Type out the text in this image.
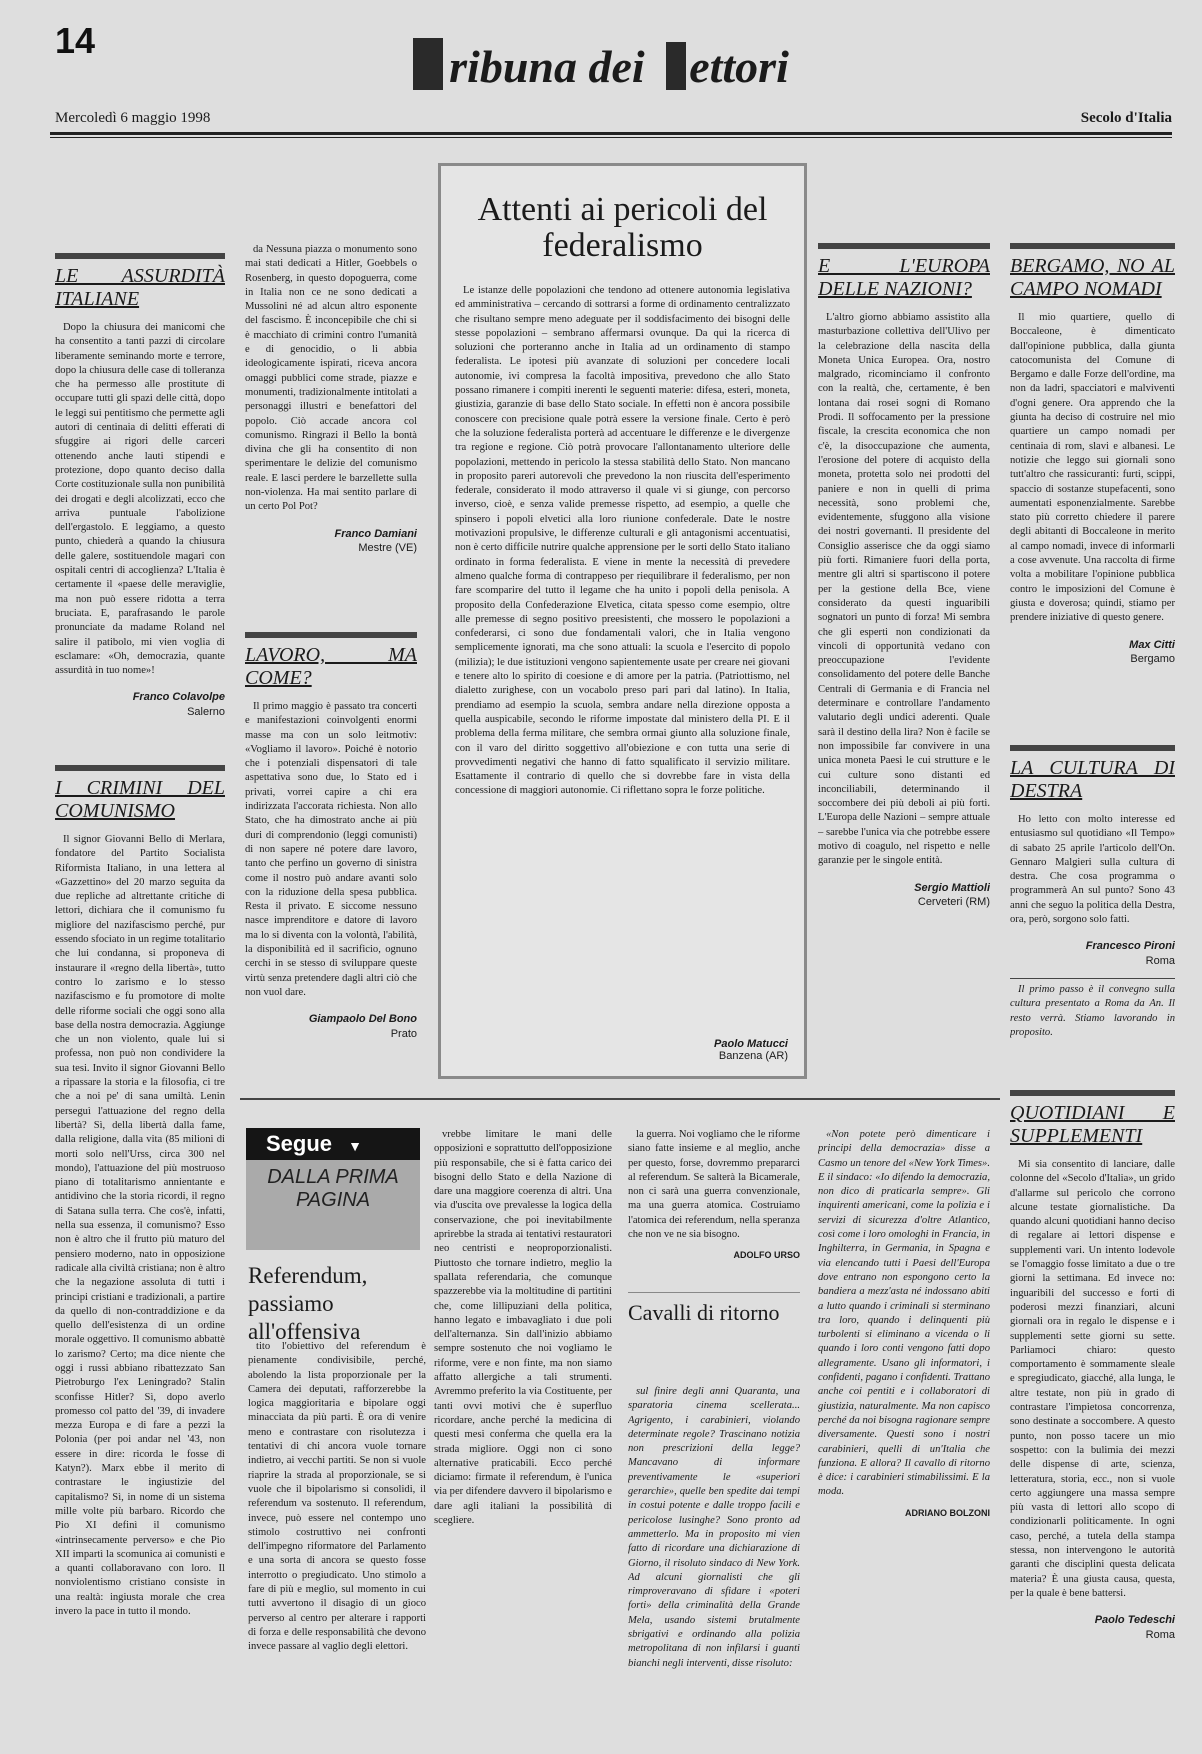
14
ribuna dei ettori
Mercoledì 6 maggio 1998	Secolo d'Italia
LE ASSURDITÀ ITALIANE

Dopo la chiusura dei manicomi che ha consentito a tanti pazzi di circolare liberamente seminando morte e terrore, dopo la chiusura delle case di tolleranza che ha permesso alle prostitute di occupare tutti gli spazi delle città, dopo le leggi sui pentitismo che permette agli autori di centinaia di delitti efferati di sfuggire ai rigori delle carceri ottenendo anche lauti stipendi e protezione, dopo quanto deciso dalla Corte costituzionale sulla non punibilità dei drogati e degli alcolizzati, ecco che arriva puntuale l'abolizione dell'ergastolo. E leggiamo, a questo punto, chiederà a quando la chiusura delle galere, sostituendole magari con ospitali centri di accoglienza? L'Italia è certamente il «paese delle meraviglie, ma non può essere ridotta a terra bruciata. E, parafrasando le parole pronunciate da madame Roland nel salire il patibolo, mi vien voglia di esclamare: «Oh, democrazia, quante assurdità in tuo nome»!

Franco Colavolpe
Salerno
I CRIMINI DEL COMUNISMO

Il signor Giovanni Bello di Merlara, fondatore del Partito Socialista Riformista Italiano, in una lettera al «Gazzettino» del 20 marzo seguita da due repliche ad altrettante critiche di lettori, dichiara che il comunismo fu migliore del nazifascismo perché, pur essendo sfociato in un regime totalitario che lui condanna, si proponeva di instaurare il «regno della libertà», tutto contro lo zarismo e lo stesso nazifascismo e fu promotore di molte delle riforme sociali che oggi sono alla base della nostra democrazia. Aggiunge che un non violento, quale lui si professa, non può non condividere la sua tesi. Invito il signor Giovanni Bello a ripassare la storia e la filosofia, ci tre che a noi pe' di sana umiltà. Lenin perseguì l'attuazione del regno della libertà? Sì, della libertà dalla fame, dalla religione, dalla vita (85 milioni di morti solo nell'Urss, circa 300 nel mondo), l'attuazione del più mostruoso piano di totalitarismo annientante e antidivino che la storia ricordi, il regno di Satana sulla terra. Che cos'è, infatti, nella sua essenza, il comunismo? Esso non è altro che il frutto più maturo del pensiero moderno, nato in opposizione radicale alla civiltà cristiana; non è altro che la negazione assoluta di tutti i principi cristiani e tradizionali, a partire da quello di non-contraddizione e da quello dell'esistenza di un ordine morale oggettivo. Il comunismo abbattè lo zarismo? Certo; ma dice niente che oggi i russi abbiano ribattezzato San Pietroburgo l'ex Leningrado? Stalin sconfisse Hitler? Sì, dopo averlo promesso col patto del '39, di invadere mezza Europa e di fare a pezzi la Polonia (per poi andar nel '43, non essere in dire: ricorda le fosse di Katyn?). Marx ebbe il merito di contrastare le ingiustizie del capitalismo? Sì, in nome di un sistema mille volte più barbaro. Ricordo che Pio XI definì il comunismo «intrinsecamente perverso» e che Pio XII impartì la scomunica ai comunisti e a quanti collaboravano con loro. Il nonviolentismo cristiano consiste in una realtà: ingiusta morale che crea invero la pace in tutto il mondo.

da Nessuna piazza o monumento sono mai stati dedicati a Hitler, Goebbels o Rosenberg, in questo dopoguerra, come in Italia non ce ne sono dedicati a Mussolini né ad alcun altro esponente del fascismo. È inconcepibile che chi si è macchiato di crimini contro l'umanità e di genocidio, o li abbia ideologicamente ispirati, riceva ancora omaggi pubblici come strade, piazze e monumenti, tradizionalmente intitolati a personaggi illustri e benefattori del popolo. Ciò accade ancora col comunismo. Ringrazi il Bello la bontà divina che gli ha consentito di non sperimentare le delizie del comunismo reale. E lasci perdere le barzellette sulla non-violenza. Ha mai sentito parlare di un certo Pol Pot?

Franco Damiani
Mestre (VE)
LAVORO, MA COME?

Il primo maggio è passato tra concerti e manifestazioni coinvolgenti enormi masse ma con un solo leitmotiv: «Vogliamo il lavoro». Poiché è notorio che i potenziali dispensatori di tale aspettativa sono due, lo Stato ed i privati, vorrei capire a chi era indirizzata l'accorata richiesta. Non allo Stato, che ha dimostrato anche ai più duri di comprendonio (leggi comunisti) di non sapere né potere dare lavoro, tanto che perfino un governo di sinistra come il nostro può andare avanti solo con la riduzione della spesa pubblica. Resta il privato. E siccome nessuno nasce imprenditore e datore di lavoro ma lo si diventa con la volontà, l'abilità, la disponibilità ed il sacrificio, ognuno cerchi in se stesso di sviluppare queste virtù senza pretendere dagli altri ciò che non vuol dare.

Giampaolo Del Bono
Prato
Attenti ai pericoli del federalismo

Le istanze delle popolazioni che tendono ad ottenere autonomia legislativa ed amministrativa – cercando di sottrarsi a forme di ordinamento centralizzato che risultano sempre meno adeguate per il soddisfacimento dei bisogni delle stesse popolazioni – sembrano affermarsi ovunque. Da qui la ricerca di soluzioni che porteranno anche in Italia ad un ordinamento di stampo federalista. Le ipotesi più avanzate di soluzioni per concedere locali autonomie, ivi compresa la facoltà impositiva, prevedono che allo Stato possano rimanere i compiti inerenti le seguenti materie: difesa, esteri, moneta, giustizia, garanzie di base dello Stato sociale. In effetti non è ancora possibile conoscere con precisione quale potrà essere la versione finale. Certo è però che la soluzione federalista porterà ad accentuare le differenze e le divergenze tra regione e regione. Ciò potrà provocare l'allontanamento ulteriore delle popolazioni, mettendo in pericolo la stessa stabilità dello Stato. Non mancano in proposito pareri autorevoli che prevedono la non riuscita dell'esperimento federale, considerato il modo attraverso il quale vi si giunge, con percorso inverso, cioè, e senza valide premesse rispetto, ad esempio, a quelle che spinsero i popoli elvetici alla loro riunione confederale. Date le nostre motivazioni propulsive, le differenze culturali e gli antagonismi accentuatisi, non è certo difficile nutrire qualche apprensione per le sorti dello Stato italiano ordinato in forma federalista. E viene in mente la necessità di prevedere almeno qualche forma di contrappeso per riequilibrare il federalismo, per non fare scomparire del tutto il legame che ha unito i popoli della penisola. A proposito della Confederazione Elvetica, citata spesso come esempio, oltre alle premesse di segno positivo preesistenti, che mossero le popolazioni a confederarsi, ci sono due fondamentali valori, che in Italia vengono semplicemente ignorati, ma che sono attuali: la scuola e l'esercito di popolo (milizia); le due istituzioni vengono sapientemente usate per creare nei giovani e tenere alto lo spirito di coesione e di amore per la patria. (Patriottismo, nel dialetto zurighese, con un vocabolo preso pari pari dal latino). In Italia, prendiamo ad esempio la scuola, sembra andare nella direzione opposta a quella auspicabile, secondo le riforme impostate dal ministero della PI. E il problema della ferma militare, che sembra ormai giunto alla soluzione finale, con il varo del diritto soggettivo all'obiezione e con tutta una serie di provvedimenti negativi che hanno di fatto squalificato il servizio militare. Esattamente il contrario di quello che si dovrebbe fare in vista della concessione di maggiori autonomie. Ci riflettano sopra le forze politiche.

Paolo Matucci
Banzena (AR)
E L'EUROPA DELLE NAZIONI?

L'altro giorno abbiamo assistito alla masturbazione collettiva dell'Ulivo per la celebrazione della nascita della Moneta Unica Europea. Ora, nostro malgrado, ricominciamo il confronto con la realtà, che, certamente, è ben lontana dai rosei sogni di Romano Prodi. Il soffocamento per la pressione fiscale, la crescita economica che non c'è, la disoccupazione che aumenta, l'erosione del potere di acquisto della moneta, protetta solo nei prodotti del paniere e non in quelli di prima necessità, sono problemi che, evidentemente, sfuggono alla visione dei nostri governanti. Il presidente del Consiglio asserisce che da oggi siamo più forti. Rimaniere fuori della porta, mentre gli altri si spartiscono il potere per la gestione della Bce, viene considerato da questi inguaribili sognatori un punto di forza! Mi sembra che gli esperti non condizionati da vincoli di opportunità vedano con preoccupazione l'evidente consolidamento del potere delle Banche Centrali di Germania e di Francia nel determinare e controllare l'andamento valutario degli undici aderenti. Quale sarà il destino della lira? Non è facile se non impossibile far convivere in una unica moneta Paesi le cui strutture e le cui culture sono distanti ed inconciliabili, determinando il soccombere dei più deboli ai più forti. L'Europa delle Nazioni – sempre attuale – sarebbe l'unica via che potrebbe essere motivo di coagulo, nel rispetto e nelle garanzie per le singole entità.

Sergio Mattioli
Cerveteri (RM)
BERGAMO, NO AL CAMPO NOMADI

Il mio quartiere, quello di Boccaleone, è dimenticato dall'opinione pubblica, dalla giunta catocomunista del Comune di Bergamo e dalle Forze dell'ordine, ma non da ladri, spacciatori e malviventi d'ogni genere. Ora apprendo che la giunta ha deciso di costruire nel mio quartiere un campo nomadi per centinaia di rom, slavi e albanesi. Le notizie che leggo sui giornali sono tutt'altro che rassicuranti: furti, scippi, spaccio di sostanze stupefacenti, sono aumentati esponenzialmente. Sarebbe stato più corretto chiedere il parere degli abitanti di Boccaleone in merito al campo nomadi, invece di informarli a cose avvenute. Una raccolta di firme volta a mobilitare l'opinione pubblica contro le imposizioni del Comune è giusta e doverosa; quindi, stiamo per prendere iniziative di questo genere.

Max Citti
Bergamo
LA CULTURA DI DESTRA

Ho letto con molto interesse ed entusiasmo sul quotidiano «Il Tempo» di sabato 25 aprile l'articolo dell'On. Gennaro Malgieri sulla cultura di destra. Che cosa programma o programmerà An sul punto? Sono 43 anni che seguo la politica della Destra, ora, però, sorgono solo fatti.

Francesco Pironi
Roma

Il primo passo è il convegno sulla cultura presentato a Roma da An. Il resto verrà. Stiamo lavorando in proposito.

QUOTIDIANI E SUPPLEMENTI

Mi sia consentito di lanciare, dalle colonne del «Secolo d'Italia», un grido d'allarme sul pericolo che corrono alcune testate giornalistiche. Da quando alcuni quotidiani hanno deciso di regalare ai lettori dispense e supplementi vari. Un intento lodevole se l'omaggio fosse limitato a due o tre giorni la settimana. Ed invece no: inguaribili del successo e forti di poderosi mezzi finanziari, alcuni giornali ora in regalo le dispense e i supplementi sette giorni su sette. Parliamoci chiaro: questo comportamento è sommamente sleale e spregiudicato, giacché, alla lunga, le altre testate, non più in grado di contrastare l'impietosa concorrenza, sono destinate a soccombere. A questo punto, non posso tacere un mio sospetto: con la bulimia dei mezzi delle dispense di arte, scienza, letteratura, storia, ecc., non si vuole certo aggiungere una massa sempre più vasta di lettori allo scopo di condizionarli politicamente. In ogni caso, perché, a tutela della stampa stessa, non intervengono le autorità garanti che disciplini questa delicata materia? È una giusta causa, questa, per la quale è bene battersi.

Paolo Tedeschi
Roma
Segue ▼
DALLA PRIMA PAGINA
Referendum, passiamo all'offensiva

tito l'obiettivo del referendum è pienamente condivisibile, perché, abolendo la lista proporzionale per la Camera dei deputati, rafforzerebbe la logica maggioritaria e bipolare oggi minacciata da più parti. È ora di venire meno e contrastare con risolutezza i tentativi di chi ancora vuole tornare indietro, ai vecchi partiti. Se non si vuole riaprire la strada al proporzionale, se si vuole che il bipolarismo si consolidi, il referendum va sostenuto. Il referendum, invece, può essere nel contempo uno stimolo costruttivo nei confronti dell'impegno riformatore del Parlamento e una sorta di ancora se questo fosse interrotto o pregiudicato. Uno stimolo a fare di più e meglio, sul momento in cui tutti avvertono il disagio di un gioco perverso al centro per alterare i rapporti di forza e delle responsabilità che devono invece passare al vaglio degli elettori.

vrebbe limitare le mani delle opposizioni e soprattutto dell'opposizione più responsabile, che si è fatta carico dei bisogni dello Stato e della Nazione di dare una maggiore coerenza di altri. Una via d'uscita ove prevalesse la logica della conservazione, che poi inevitabilmente aprirebbe la strada ai tentativi restauratori neo centristi e neoproporzionalisti. Piuttosto che tornare indietro, meglio la spallata referendaria, che comunque spazzerebbe via la moltitudine di partitini che, come lillipuziani della politica, hanno legato e imbavagliato i due poli dell'alternanza. Sin dall'inizio abbiamo sempre sostenuto che noi vogliamo le riforme, vere e non finte, ma non siamo affatto allergiche a tali strumenti. Avremmo preferito la via Costituente, per tanti ovvi motivi che è superfluo ricordare, anche perché la medicina di questi mesi conferma che quella era la strada migliore. Oggi non ci sono alternative praticabili. Ecco perché diciamo: firmate il referendum, è l'unica via per difendere davvero il bipolarismo e dare agli italiani la possibilità di scegliere.

la guerra. Noi vogliamo che le riforme siano fatte insieme e al meglio, anche per questo, forse, dovremmo prepararci al referendum. Se salterà la Bicamerale, non ci sarà una guerra convenzionale, ma una guerra atomica. Costruiamo l'atomica dei referendum, nella speranza che non ve ne sia bisogno.

ADOLFO URSO
Cavalli di ritorno

sul finire degli anni Quaranta, una sparatoria cinema scellerata... Agrigento, i carabinieri, violando determinate regole? Trascinano notizia non prescrizioni della legge? Mancavano di informare preventivamente le «superiori gerarchie», quelle ben spedite dai tempi in costui potente e dalle troppo facili e pericolose lusinghe? Sono pronto ad ammetterlo. Ma in proposito mi vien fatto di ricordare una dichiarazione di Giorno, il risoluto sindaco di New York. Ad alcuni giornalisti che gli rimproveravano di sfidare i «poteri forti» della criminalità della Grande Mela, usando sistemi brutalmente sbrigativi e ordinando alla polizia metropolitana di non infilarsi i guanti bianchi negli interventi, disse risoluto:

«Non potete però dimenticare i principi della democrazia» disse a Casmo un tenore del «New York Times». E il sindaco: «Io difendo la democrazia, non dico di praticarla sempre». Gli inquirenti americani, come la polizia e i servizi di sicurezza d'oltre Atlantico, così come i loro omologhi in Francia, in Inghilterra, in Germania, in Spagna e via elencando tutti i Paesi dell'Europa dove entrano non espongono certo la bandiera a mezz'asta né indossano abiti a lutto quando i criminali si sterminano tra loro, quando i delinquenti più turbolenti si eliminano a vicenda o li quando i loro conti vengono fatti dopo allegramente. Usano gli informatori, i confidenti, pagano i confidenti. Trattano anche coi pentiti e i collaboratori di giustizia, naturalmente. Ma non capisco perché da noi bisogna ragionare sempre diversamente. Questi sono i nostri carabinieri, quelli di un'Italia che funziona. E allora? Il cavallo di ritorno è dice: i carabinieri stimabilissimi. E la moda.

ADRIANO BOLZONI
